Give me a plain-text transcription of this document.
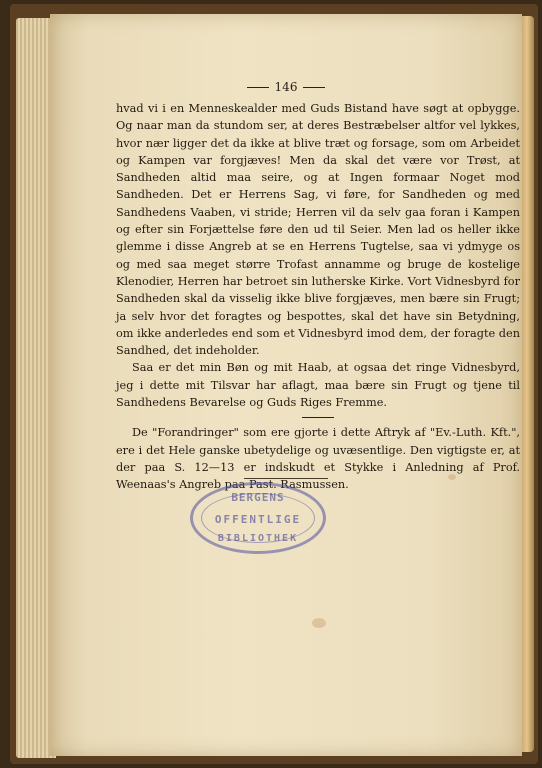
146

hvad vi i en Menneskealder med Guds Bistand have søgt at opbygge. Og naar man da stundom ser, at deres Bestræbelser altfor vel lykkes, hvor nær ligger det da ikke at blive træt og forsage, som om Arbeidet og Kampen var forgjæves! Men da skal det være vor Trøst, at Sandheden altid maa seire, og at Ingen formaar Noget mod Sandheden. Det er Herrens Sag, vi føre, for Sandheden og med Sandhedens Vaaben, vi stride; Herren vil da selv gaa foran i Kampen og efter sin Forjættelse føre den ud til Seier. Men lad os heller ikke glemme i disse Angreb at se en Herrens Tugtelse, saa vi ydmyge os og med saa meget større Trofast annamme og bruge de kostelige Klenodier, Herren har betroet sin lutherske Kirke. Vort Vidnesbyrd for Sandheden skal da visselig ikke blive forgjæves, men bære sin Frugt; ja selv hvor det foragtes og bespottes, skal det have sin Betydning, om ikke anderledes end som et Vidnesbyrd imod dem, der foragte den Sandhed, det indeholder.

Saa er det min Bøn og mit Haab, at ogsaa det ringe Vidnesbyrd, jeg i dette mit Tilsvar har aflagt, maa bære sin Frugt og tjene til Sandhedens Bevarelse og Guds Riges Fremme.

De "Forandringer" som ere gjorte i dette Aftryk af "Ev.-Luth. Kft.", ere i det Hele ganske ubetydelige og uvæsentlige. Den vigtigste er, at der paa S. 12—13 er indskudt et Stykke i Anledning af Prof. Weenaas's Angreb paa Past. Rasmussen.

BERGENS
OFFENTLIGE
BIBLIOTHEK
